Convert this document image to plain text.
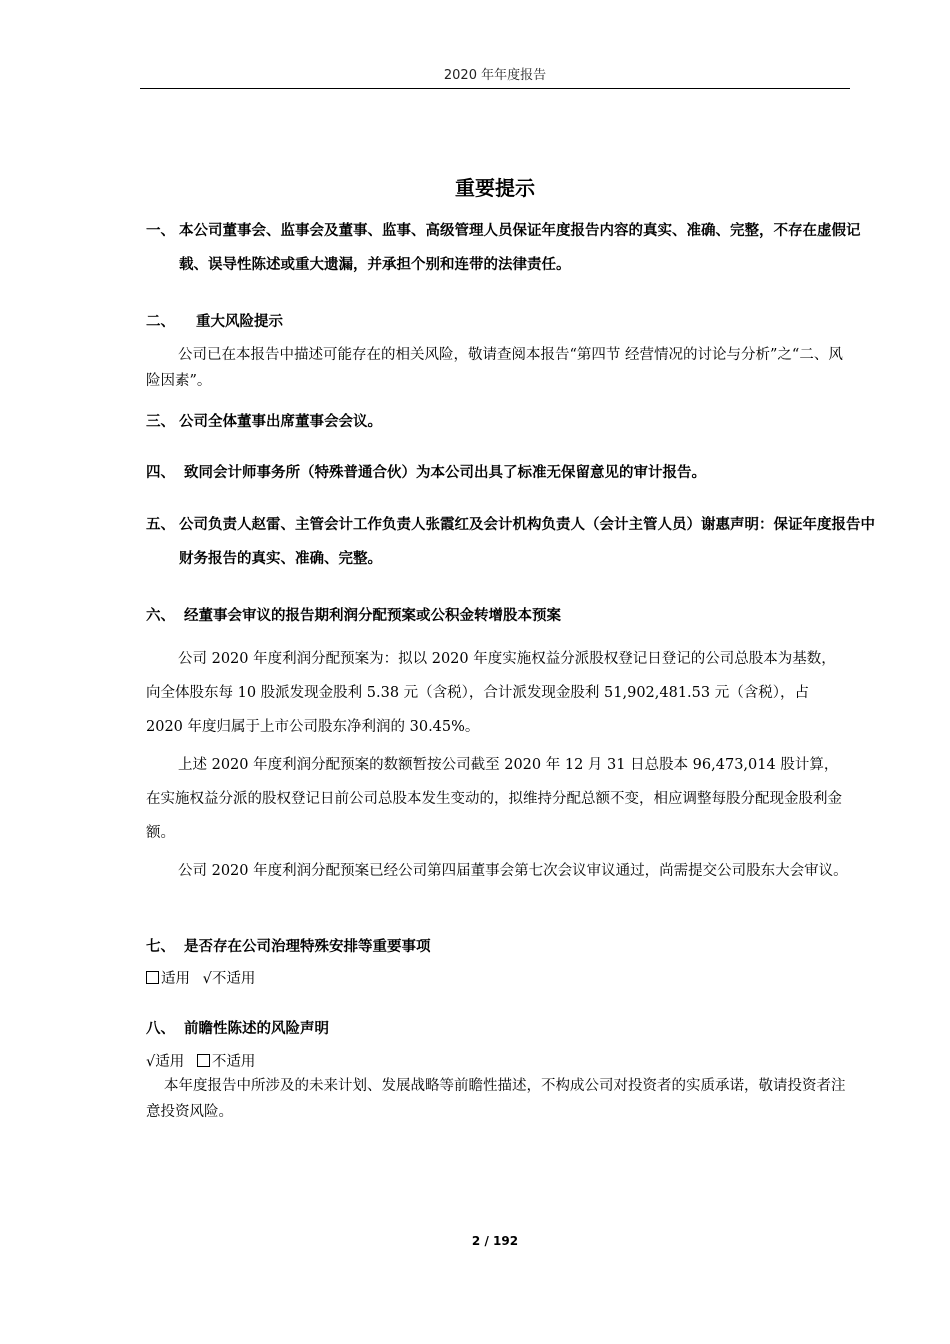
2020 年年度报告
重要提示
一、 本公司董事会、监事会及董事、监事、高级管理人员保证年度报告内容的真实、准确、完整，不存在虚假记载、误导性陈述或重大遗漏，并承担个别和连带的法律责任。
二、 重大风险提示
公司已在本报告中描述可能存在的相关风险，敬请查阅本报告“第四节 经营情况的讨论与分析”之“二、风险因素”。
三、 公司全体董事出席董事会会议。
四、 致同会计师事务所（特殊普通合伙）为本公司出具了标准无保留意见的审计报告。
五、 公司负责人赵雷、主管会计工作负责人张霞红及会计机构负责人（会计主管人员）谢惠声明：保证年度报告中财务报告的真实、准确、完整。
六、 经董事会审议的报告期利润分配预案或公积金转增股本预案
公司 2020 年度利润分配预案为：拟以 2020 年度实施权益分派股权登记日登记的公司总股本为基数，向全体股东每 10 股派发现金股利 5.38 元（含税），合计派发现金股利 51,902,481.53 元（含税），占 2020 年度归属于上市公司股东净利润的 30.45%。
上述 2020 年度利润分配预案的数额暂按公司截至 2020 年 12 月 31 日总股本 96,473,014 股计算，在实施权益分派的股权登记日前公司总股本发生变动的，拟维持分配总额不变，相应调整每股分配现金股利金额。
公司 2020 年度利润分配预案已经公司第四届董事会第七次会议审议通过，尚需提交公司股东大会审议。
七、 是否存在公司治理特殊安排等重要事项
适用 √不适用
八、 前瞻性陈述的风险声明
√适用 不适用
本年度报告中所涉及的未来计划、发展战略等前瞻性描述，不构成公司对投资者的实质承诺，敬请投资者注意投资风险。
2 / 192
